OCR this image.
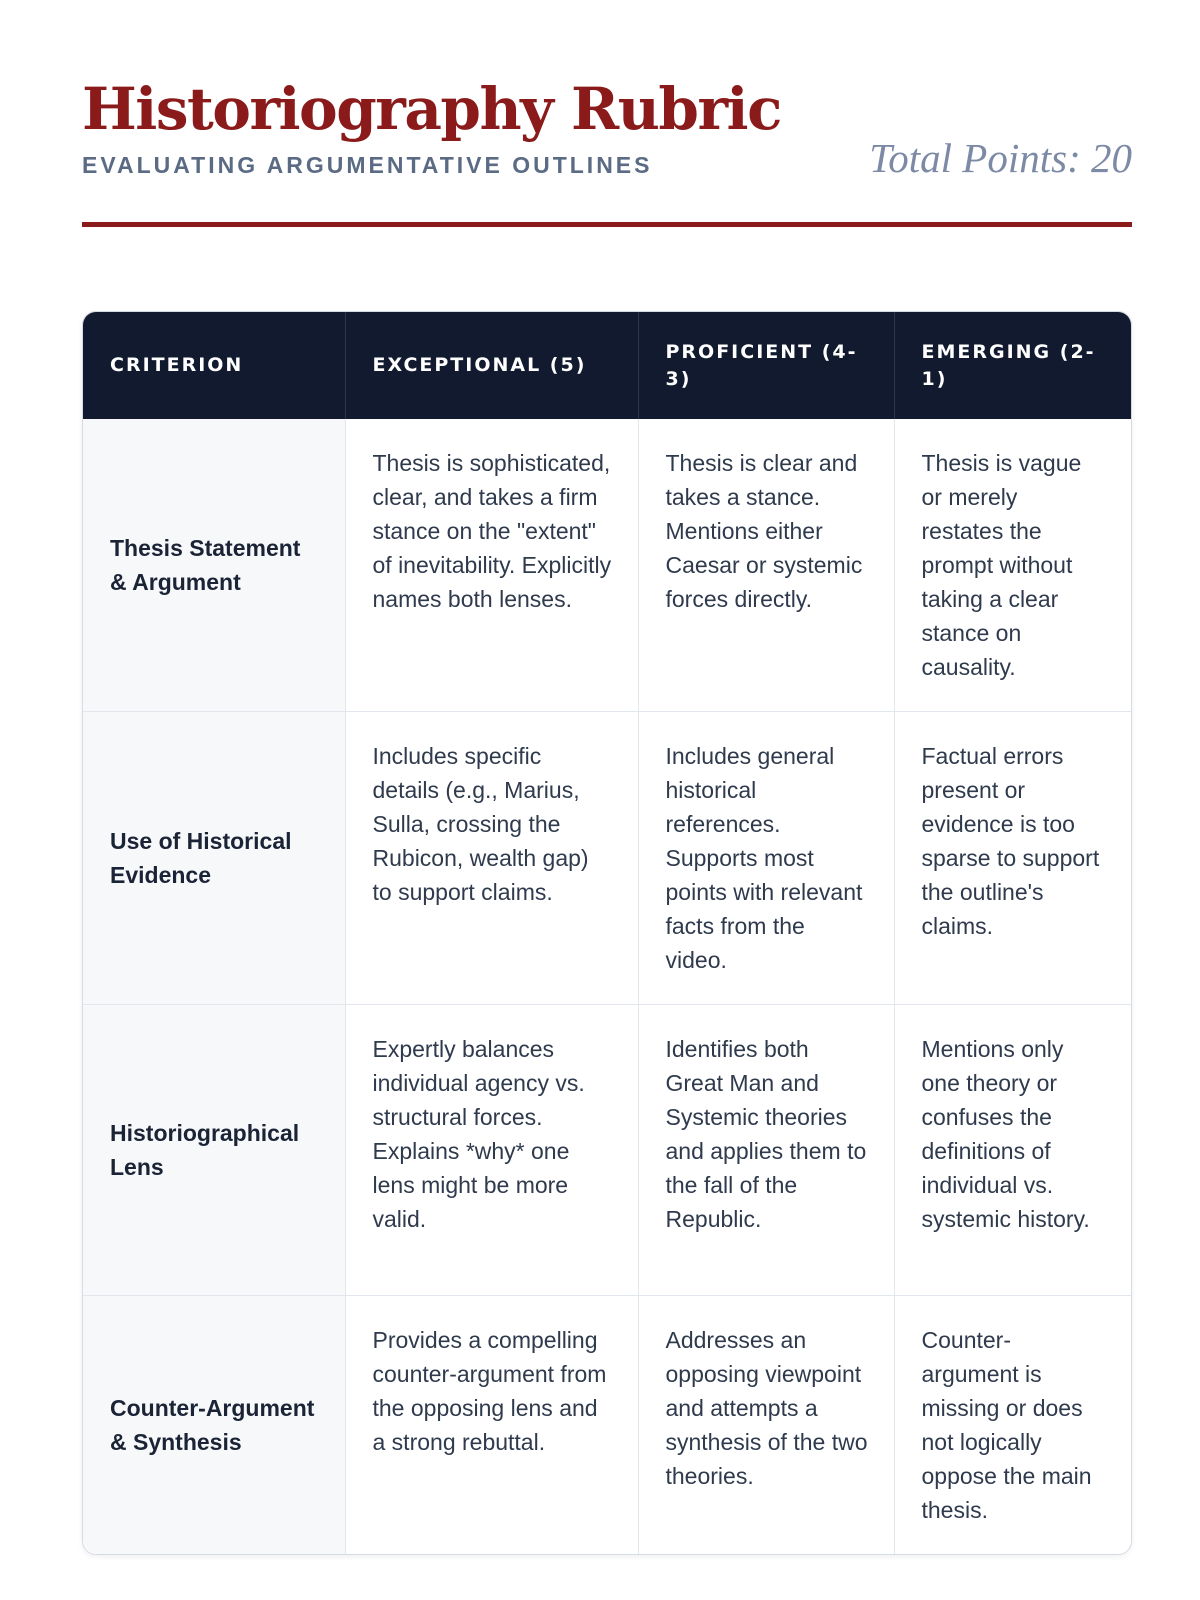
Historiography Rubric
EVALUATING ARGUMENTATIVE OUTLINES	Total Points: 20
CRITERION	EXCEPTIONAL (5)	PROFICIENT (4-3)	EMERGING (2-1)
Thesis Statement & Argument	Thesis is sophisticated, clear, and takes a firm stance on the "extent" of inevitability. Explicitly names both lenses.	Thesis is clear and takes a stance. Mentions either Caesar or systemic forces directly.	Thesis is vague or merely restates the prompt without taking a clear stance on causality.
Use of Historical Evidence	Includes specific details (e.g., Marius, Sulla, crossing the Rubicon, wealth gap) to support claims.	Includes general historical references. Supports most points with relevant facts from the video.	Factual errors present or evidence is too sparse to support the outline's claims.
Historiographical Lens	Expertly balances individual agency vs. structural forces. Explains *why* one lens might be more valid.	Identifies both Great Man and Systemic theories and applies them to the fall of the Republic.	Mentions only one theory or confuses the definitions of individual vs. systemic history.
Counter-Argument & Synthesis	Provides a compelling counter-argument from the opposing lens and a strong rebuttal.	Addresses an opposing viewpoint and attempts a synthesis of the two theories.	Counter-argument is missing or does not logically oppose the main thesis.
